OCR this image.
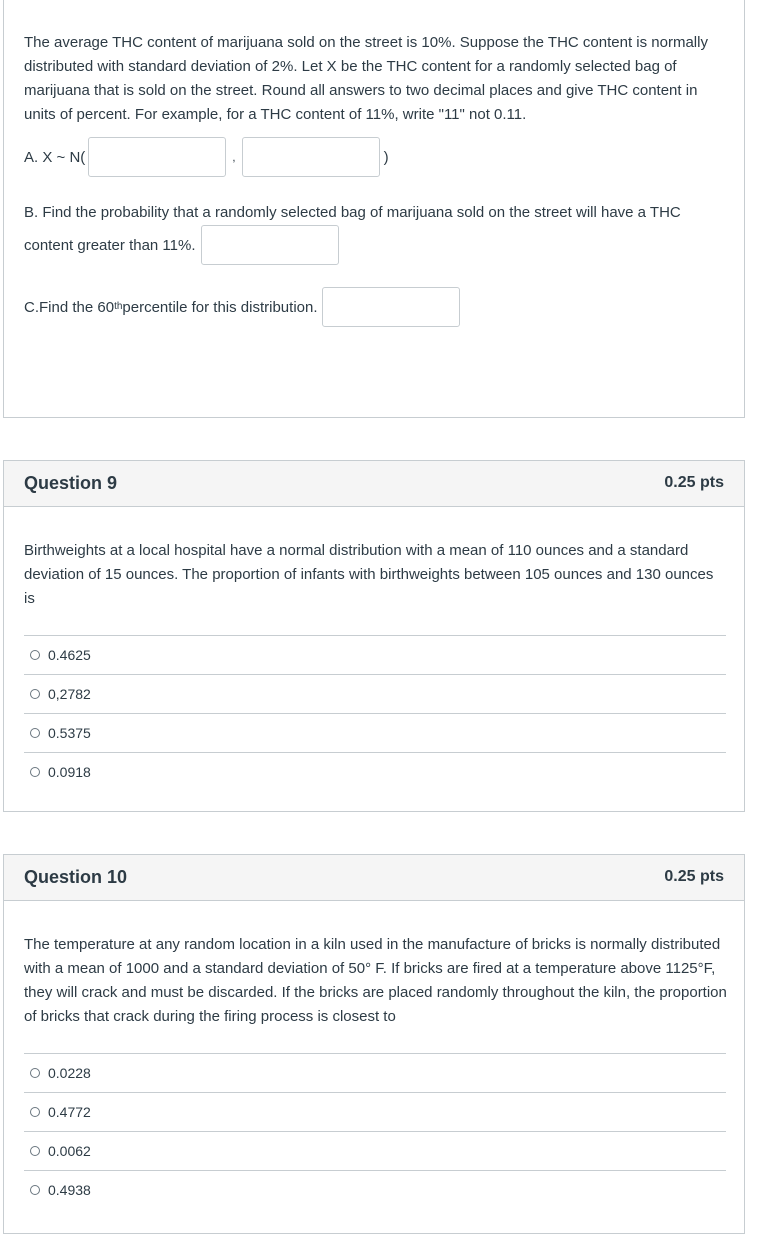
The average THC content of marijuana sold on the street is 10%. Suppose the THC content is normally distributed with standard deviation of 2%. Let X be the THC content for a randomly selected bag of marijuana that is sold on the street. Round all answers to two decimal places and give THC content in units of percent. For example, for a THC content of 11%, write "11" not 0.11.

A. X ~ N(	,	)

B. Find the probability that a randomly selected bag of marijuana sold on the street will have a THC

content greater than 11%.
C.Find the 60 th percentile for this distribution.
Question 9	0.25 pts

Birthweights at a local hospital have a normal distribution with a mean of 110 ounces and a standard deviation of 15 ounces. The proportion of infants with birthweights between 105 ounces and 130 ounces is

0.4625
0,2782
0.5375
0.0918
Question 10	0.25 pts

The temperature at any random location in a kiln used in the manufacture of bricks is normally distributed with a mean of 1000 and a standard deviation of 50° F. If bricks are fired at a temperature above 1125°F, they will crack and must be discarded. If the bricks are placed randomly throughout the kiln, the proportion of bricks that crack during the firing process is closest to

0.0228
0.4772
0.0062
0.4938
